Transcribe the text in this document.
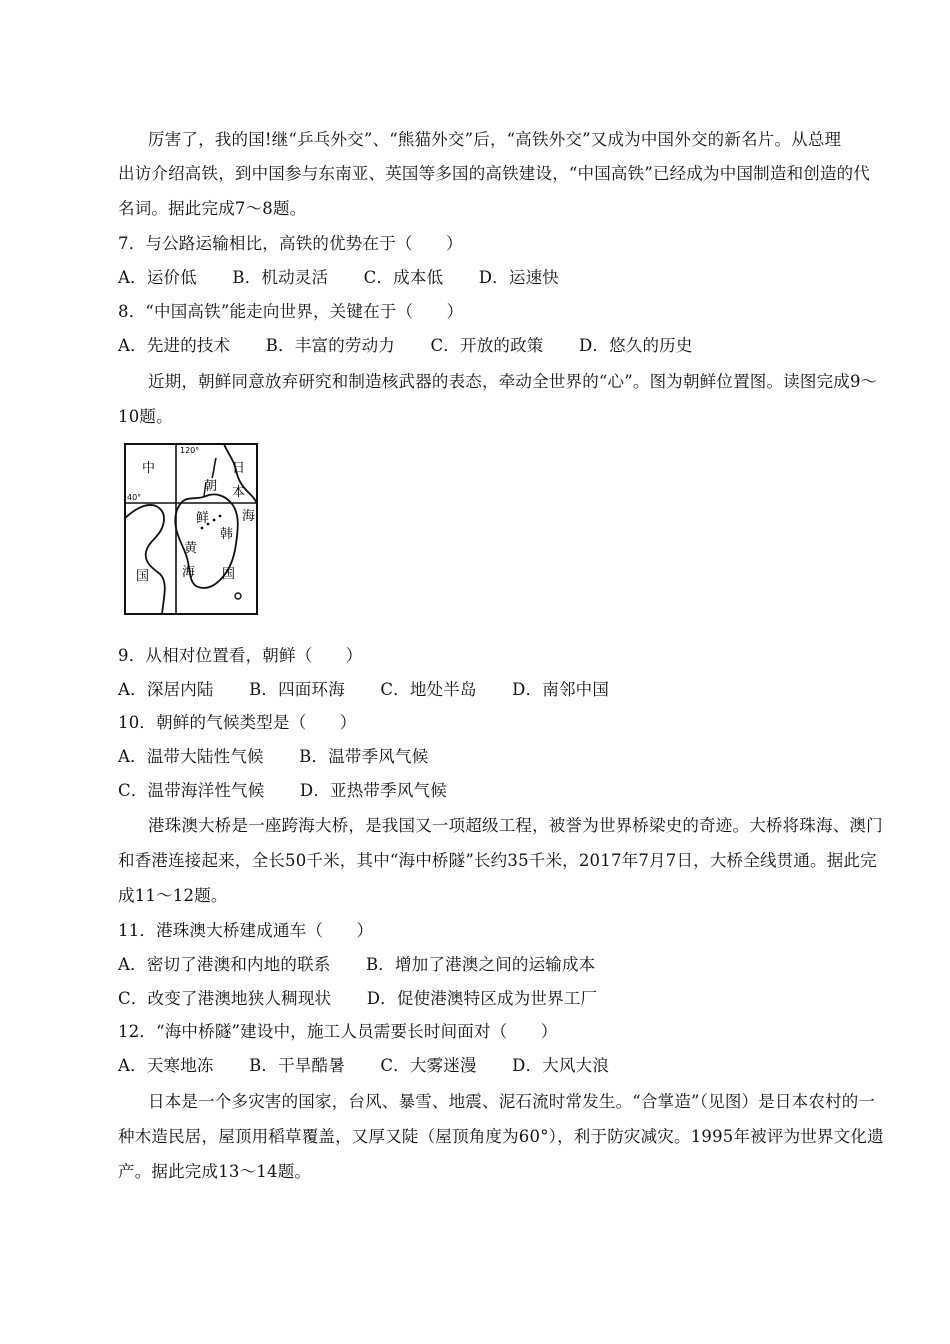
厉害了，我的国!继“乒乓外交”、“熊猫外交”后，“高铁外交”又成为中国外交的新名片。从总理
出访介绍高铁，到中国参与东南亚、英国等多国的高铁建设，“中国高铁”已经成为中国制造和创造的代
名词。据此完成7～8题。
7．与公路运输相比，高铁的优势在于（　　）
A．运价低 B．机动灵活 C．成本低 D．运速快
8．“中国高铁”能走向世界，关键在于（　　）
A．先进的技术 B．丰富的劳动力 C．开放的政策 D．悠久的历史
近期，朝鲜同意放弃研究和制造核武器的表态，牵动全世界的“心”。图为朝鲜位置图。读图完成9～
10题。
120°
40°
中
国
朝
鲜
韩
国
日
本
海
黄
海
9．从相对位置看，朝鲜（　　）
A．深居内陆 B．四面环海 C．地处半岛 D．南邻中国
10．朝鲜的气候类型是（　　）
A．温带大陆性气候 B．温带季风气候
C．温带海洋性气候 D．亚热带季风气候
港珠澳大桥是一座跨海大桥，是我国又一项超级工程，被誉为世界桥梁史的奇迹。大桥将珠海、澳门
和香港连接起来，全长50千米，其中“海中桥隧”长约35千米，2017年7月7日，大桥全线贯通。据此完
成11～12题。
11．港珠澳大桥建成通车（　　）
A．密切了港澳和内地的联系 B．增加了港澳之间的运输成本
C．改变了港澳地狭人稠现状 D．促使港澳特区成为世界工厂
12．“海中桥隧”建设中，施工人员需要长时间面对（　　）
A．天寒地冻 B．干旱酷暑 C．大雾迷漫 D．大风大浪
日本是一个多灾害的国家，台风、暴雪、地震、泥石流时常发生。“合掌造”（见图）是日本农村的一
种木造民居，屋顶用稻草覆盖，又厚又陡（屋顶角度为60°），利于防灾减灾。1995年被评为世界文化遗
产。据此完成13～14题。
